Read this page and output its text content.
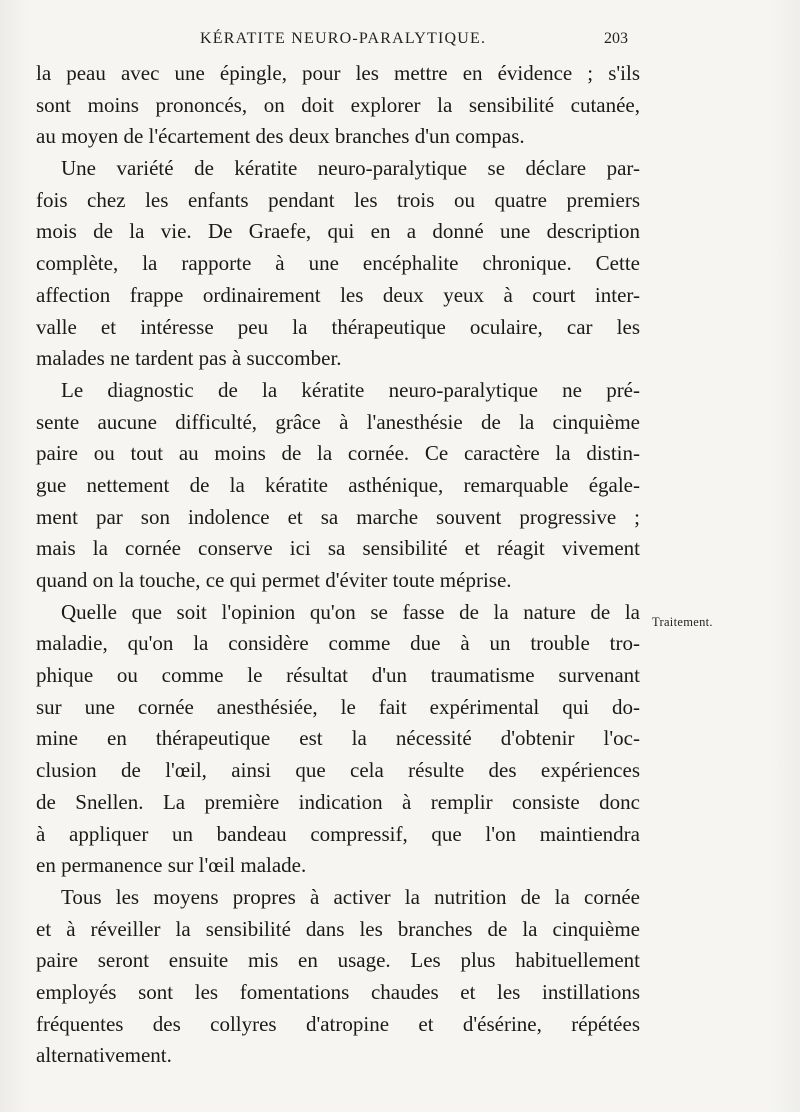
KÉRATITE NEURO-PARALYTIQUE.	203
la peau avec une épingle, pour les mettre en évidence ; s'ils
sont moins prononcés, on doit explorer la sensibilité cutanée,
au moyen de l'écartement des deux branches d'un compas.
Une variété de kératite neuro-paralytique se déclare par-
fois chez les enfants pendant les trois ou quatre premiers
mois de la vie. De Graefe, qui en a donné une description
complète, la rapporte à une encéphalite chronique. Cette
affection frappe ordinairement les deux yeux à court inter-
valle et intéresse peu la thérapeutique oculaire, car les
malades ne tardent pas à succomber.
Le diagnostic de la kératite neuro-paralytique ne pré-
sente aucune difficulté, grâce à l'anesthésie de la cinquième
paire ou tout au moins de la cornée. Ce caractère la distin-
gue nettement de la kératite asthénique, remarquable égale-
ment par son indolence et sa marche souvent progressive ;
mais la cornée conserve ici sa sensibilité et réagit vivement
quand on la touche, ce qui permet d'éviter toute méprise.
Quelle que soit l'opinion qu'on se fasse de la nature de la
maladie, qu'on la considère comme due à un trouble tro-
phique ou comme le résultat d'un traumatisme survenant
sur une cornée anesthésiée, le fait expérimental qui do-
mine en thérapeutique est la nécessité d'obtenir l'oc-
clusion de l'œil, ainsi que cela résulte des expériences
de Snellen. La première indication à remplir consiste donc
à appliquer un bandeau compressif, que l'on maintiendra
en permanence sur l'œil malade.
Tous les moyens propres à activer la nutrition de la cornée
et à réveiller la sensibilité dans les branches de la cinquième
paire seront ensuite mis en usage. Les plus habituellement
employés sont les fomentations chaudes et les instillations
fréquentes des collyres d'atropine et d'ésérine, répétées
alternativement.
Traitement.
